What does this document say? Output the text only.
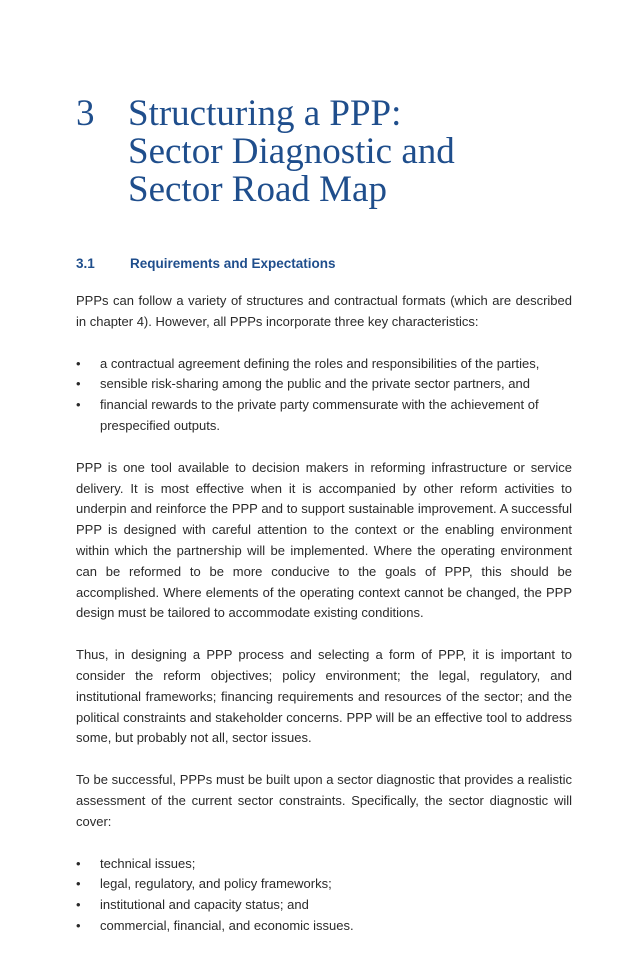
3 Structuring a PPP:
Sector Diagnostic and
Sector Road Map
3.1	Requirements and Expectations

PPPs can follow a variety of structures and contractual formats (which are described in chapter 4). However, all PPPs incorporate three key characteristics:

•	a contractual agreement defining the roles and responsibilities of the parties,
•	sensible risk-sharing among the public and the private sector partners, and
•	financial rewards to the private party commensurate with the achievement of prespecified outputs.

PPP is one tool available to decision makers in reforming infrastructure or service delivery. It is most effective when it is accompanied by other reform activities to underpin and reinforce the PPP and to support sustainable improvement. A successful PPP is designed with careful attention to the context or the enabling environment within which the partnership will be implemented. Where the operating environment can be reformed to be more conducive to the goals of PPP, this should be accomplished. Where elements of the operating context cannot be changed, the PPP design must be tailored to accommodate existing conditions.

Thus, in designing a PPP process and selecting a form of PPP, it is important to consider the reform objectives; policy environment; the legal, regulatory, and institutional frameworks; financing requirements and resources of the sector; and the political constraints and stakeholder concerns. PPP will be an effective tool to address some, but probably not all, sector issues.

To be successful, PPPs must be built upon a sector diagnostic that provides a realistic assessment of the current sector constraints. Specifically, the sector diagnostic will cover:

•	technical issues;
•	legal, regulatory, and policy frameworks;
•	institutional and capacity status; and
•	commercial, financial, and economic issues.
